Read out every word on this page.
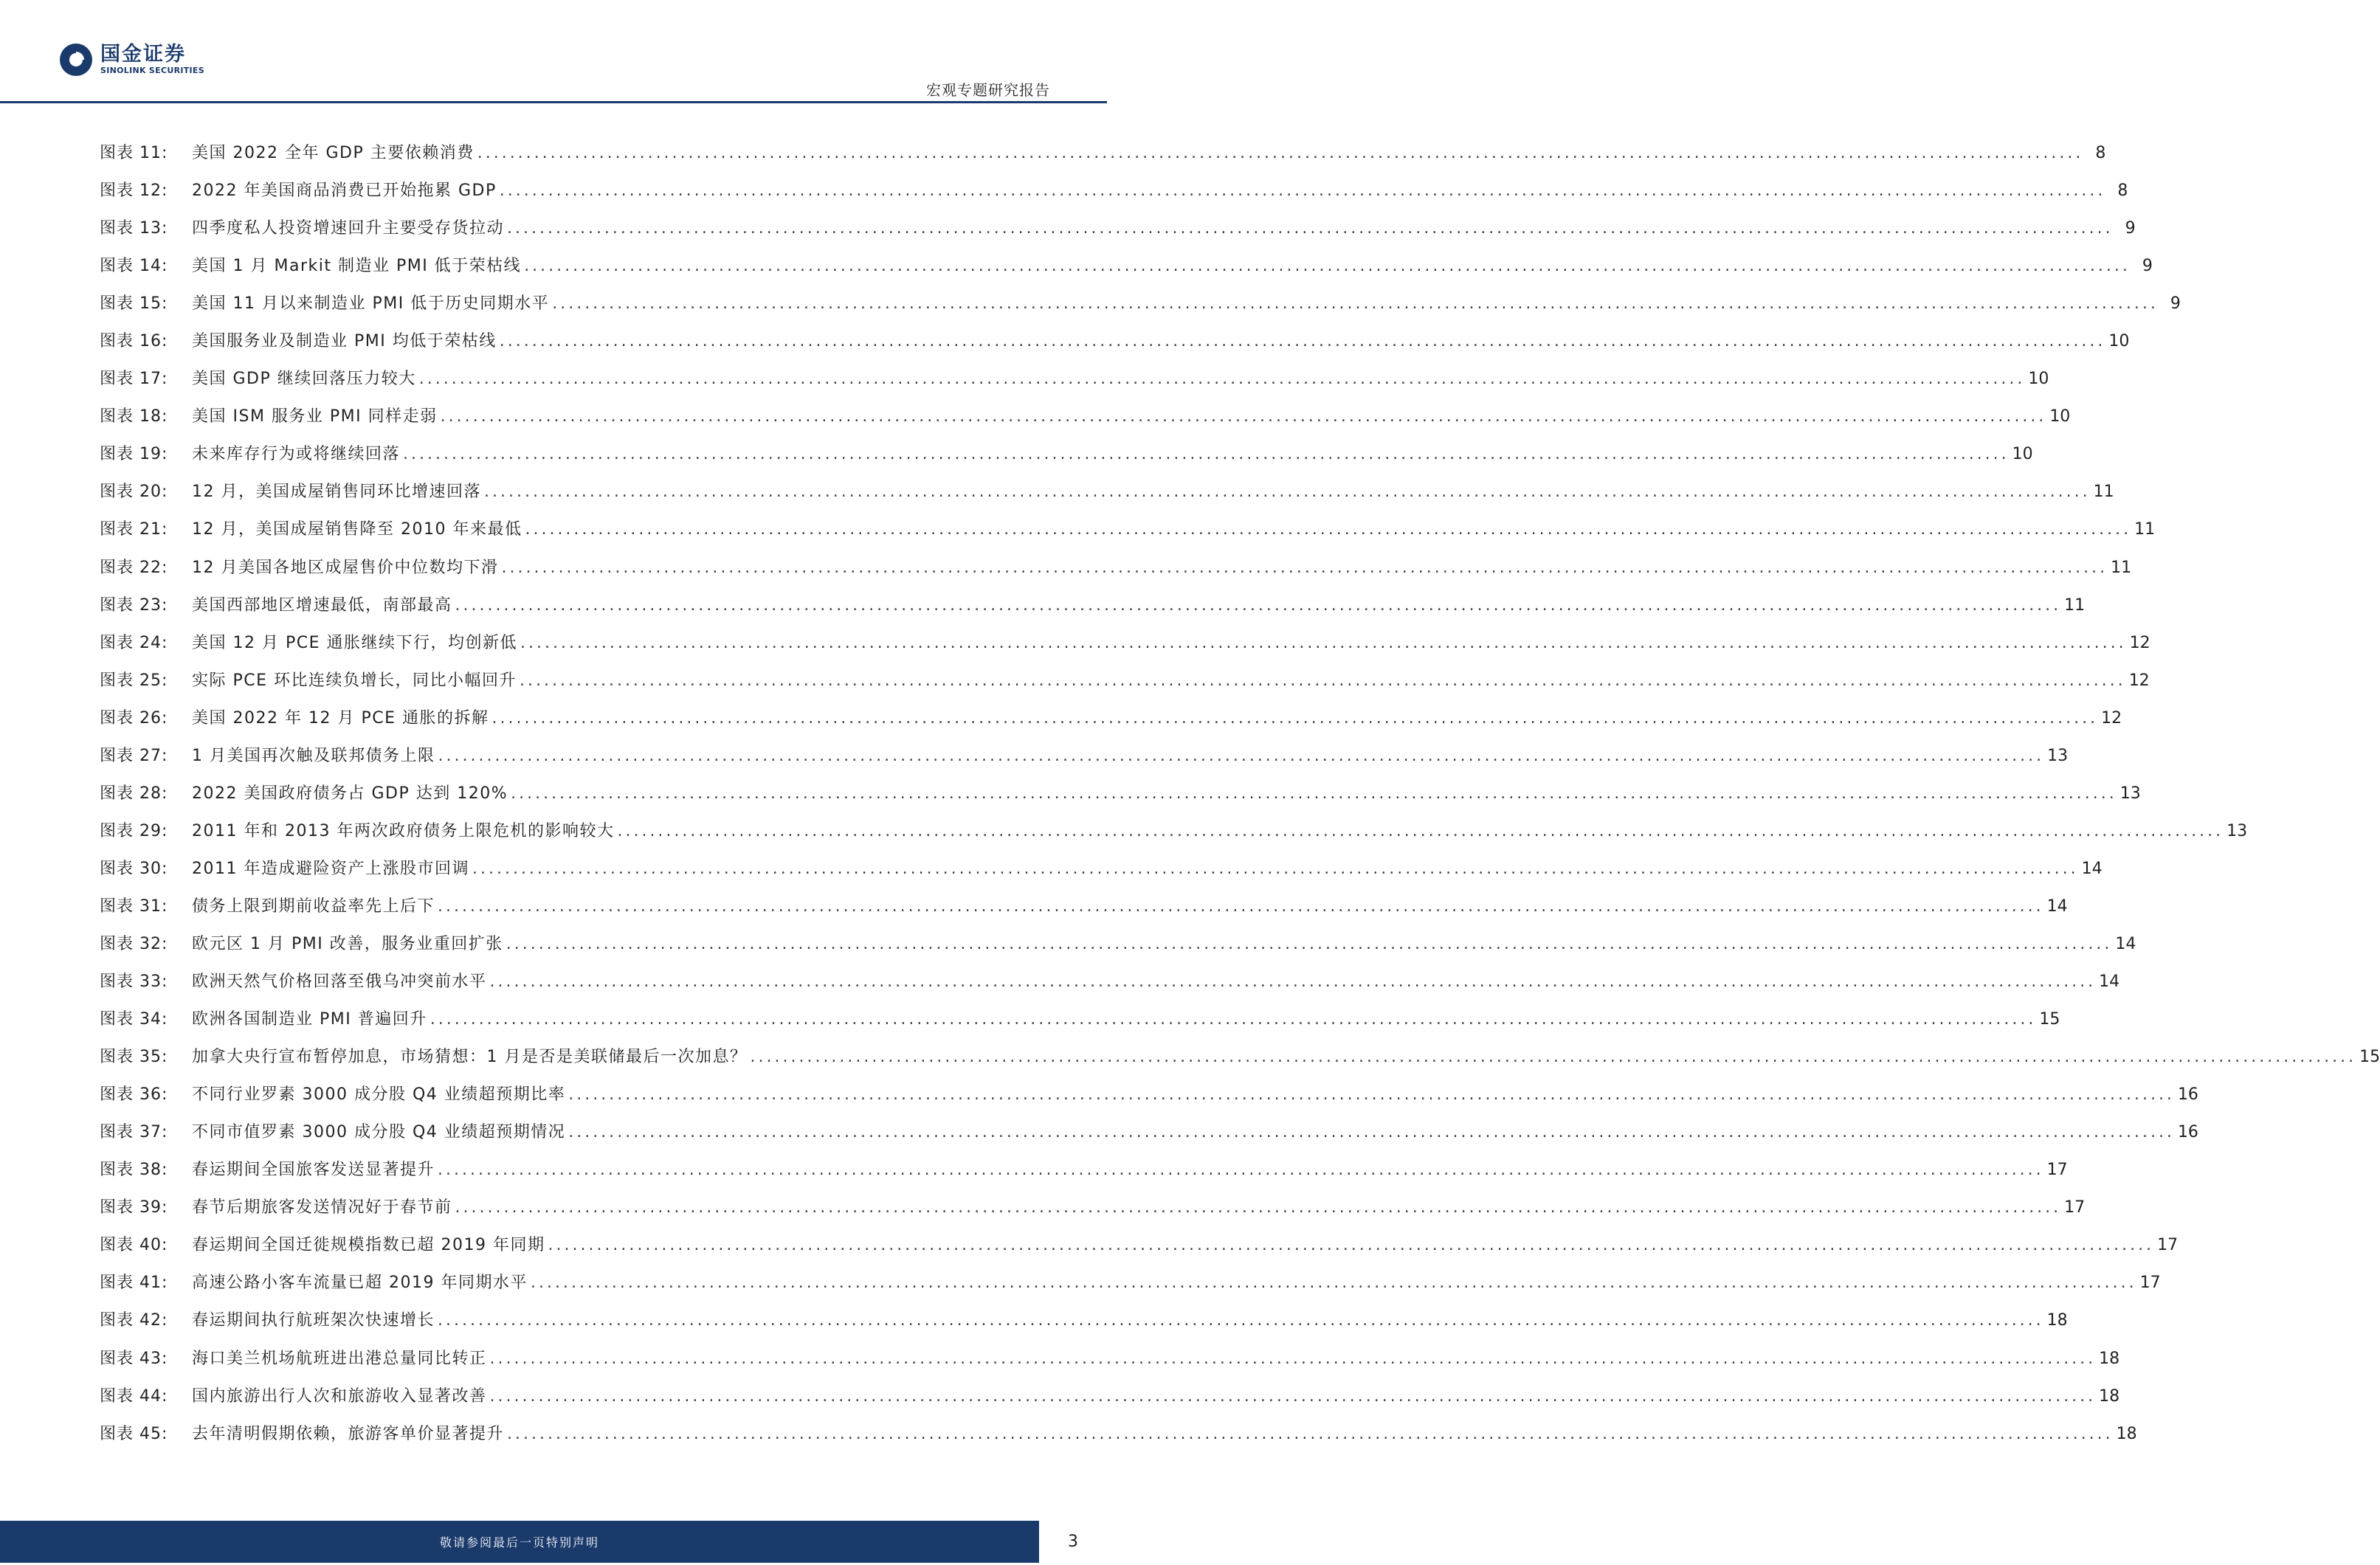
国金证券
SINOLINK SECURITIES
宏观专题研究报告
图表 11:	美国 2022 全年 GDP 主要依赖消费 .....	8
图表 12:	2022 年美国商品消费已开始拖累 GDP .....	8
图表 13:	四季度私人投资增速回升主要受存货拉动 .....	9
图表 14:	美国 1 月 Markit 制造业 PMI 低于荣枯线 .....	9
图表 15:	美国 11 月以来制造业 PMI 低于历史同期水平 .....	9
图表 16:	美国服务业及制造业 PMI 均低于荣枯线 .....	10
图表 17:	美国 GDP 继续回落压力较大 .....	10
图表 18:	美国 ISM 服务业 PMI 同样走弱 .....	10
图表 19:	未来库存行为或将继续回落 .....	10
图表 20:	12 月，美国成屋销售同环比增速回落 .....	11
图表 21:	12 月，美国成屋销售降至 2010 年来最低 .....	11
图表 22:	12 月美国各地区成屋售价中位数均下滑 .....	11
图表 23:	美国西部地区增速最低，南部最高 .....	11
图表 24:	美国 12 月 PCE 通胀继续下行，均创新低 .....	12
图表 25:	实际 PCE 环比连续负增长，同比小幅回升 .....	12
图表 26:	美国 2022 年 12 月 PCE 通胀的拆解 .....	12
图表 27:	1 月美国再次触及联邦债务上限 .....	13
图表 28:	2022 美国政府债务占 GDP 达到 120% .....	13
图表 29:	2011 年和 2013 年两次政府债务上限危机的影响较大 .....	13
图表 30:	2011 年造成避险资产上涨股市回调 .....	14
图表 31:	债务上限到期前收益率先上后下 .....	14
图表 32:	欧元区 1 月 PMI 改善，服务业重回扩张 .....	14
图表 33:	欧洲天然气价格回落至俄乌冲突前水平 .....	14
图表 34:	欧洲各国制造业 PMI 普遍回升 .....	15
图表 35:	加拿大央行宣布暂停加息，市场猜想：1 月是否是美联储最后一次加息？ .....	15
图表 36:	不同行业罗素 3000 成分股 Q4 业绩超预期比率 .....	16
图表 37:	不同市值罗素 3000 成分股 Q4 业绩超预期情况 .....	16
图表 38:	春运期间全国旅客发送显著提升 .....	17
图表 39:	春节后期旅客发送情况好于春节前 .....	17
图表 40:	春运期间全国迁徙规模指数已超 2019 年同期 .....	17
图表 41:	高速公路小客车流量已超 2019 年同期水平 .....	17
图表 42:	春运期间执行航班架次快速增长 .....	18
图表 43:	海口美兰机场航班进出港总量同比转正 .....	18
图表 44:	国内旅游出行人次和旅游收入显著改善 .....	18
图表 45:	去年清明假期依赖，旅游客单价显著提升 .....	18
敬请参阅最后一页特别声明	3
